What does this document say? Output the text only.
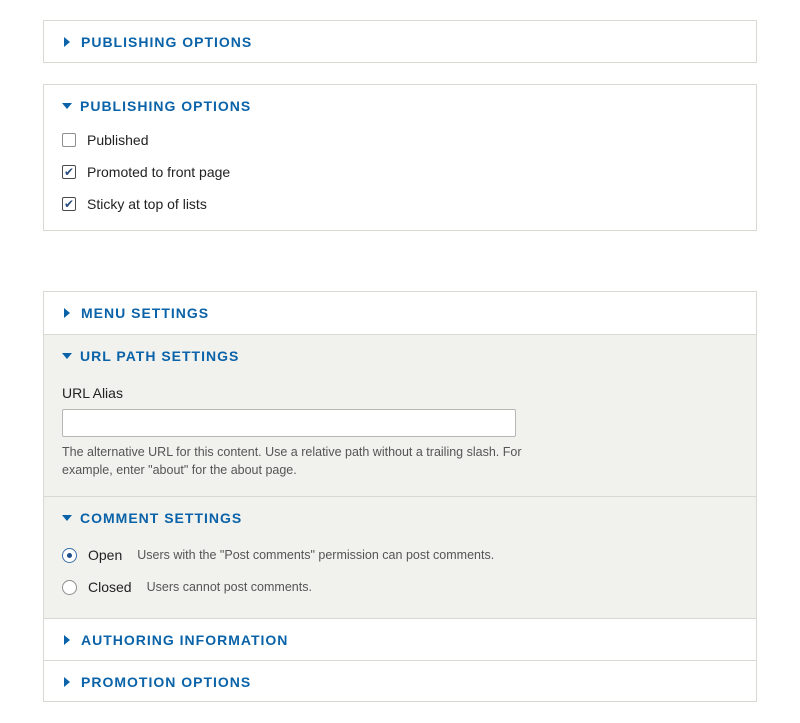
PUBLISHING OPTIONS
PUBLISHING OPTIONS
Published
✔ Promoted to front page
✔ Sticky at top of lists
MENU SETTINGS
URL PATH SETTINGS
URL Alias
The alternative URL for this content. Use a relative path without a trailing slash. For example, enter "about" for the about page.
COMMENT SETTINGS
Open Users with the "Post comments" permission can post comments.
Closed Users cannot post comments.
AUTHORING INFORMATION
PROMOTION OPTIONS
